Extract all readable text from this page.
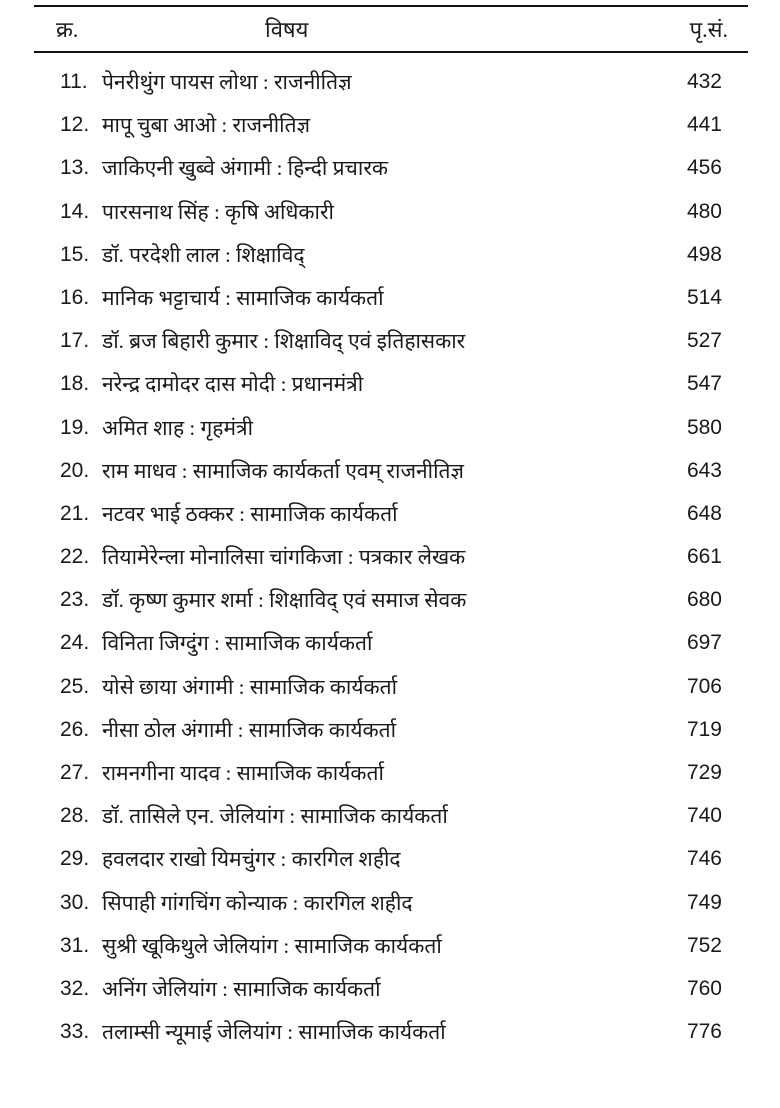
क्र.	विषय	पृ.सं.
11. पेनरीथुंग पायस लोथा : राजनीतिज्ञ	432
12. मापू चुबा आओ : राजनीतिज्ञ	441
13. जाकिएनी खुब्वे अंगामी : हिन्दी प्रचारक	456
14. पारसनाथ सिंह : कृषि अधिकारी	480
15. डॉ. परदेशी लाल : शिक्षाविद्	498
16. मानिक भट्टाचार्य : सामाजिक कार्यकर्ता	514
17. डॉ. ब्रज बिहारी कुमार : शिक्षाविद् एवं इतिहासकार	527
18. नरेन्द्र दामोदर दास मोदी : प्रधानमंत्री	547
19. अमित शाह : गृहमंत्री	580
20. राम माधव : सामाजिक कार्यकर्ता एवम् राजनीतिज्ञ	643
21. नटवर भाई ठक्कर : सामाजिक कार्यकर्ता	648
22. तियामेरेन्ला मोनालिसा चांगकिजा : पत्रकार लेखक	661
23. डॉ. कृष्ण कुमार शर्मा : शिक्षाविद् एवं समाज सेवक	680
24. विनिता जिग्दुंग : सामाजिक कार्यकर्ता	697
25. योसे छाया अंगामी : सामाजिक कार्यकर्ता	706
26. नीसा ठोल अंगामी : सामाजिक कार्यकर्ता	719
27. रामनगीना यादव : सामाजिक कार्यकर्ता	729
28. डॉ. तासिले एन. जेलियांग : सामाजिक कार्यकर्ता	740
29. हवलदार राखो यिमचुंगर : कारगिल शहीद	746
30. सिपाही गांगचिंग कोन्याक : कारगिल शहीद	749
31. सुश्री खूकिथुले जेलियांग : सामाजिक कार्यकर्ता	752
32. अनिंग जेलियांग : सामाजिक कार्यकर्ता	760
33. तलाम्सी न्यूमाई जेलियांग : सामाजिक कार्यकर्ता	776
